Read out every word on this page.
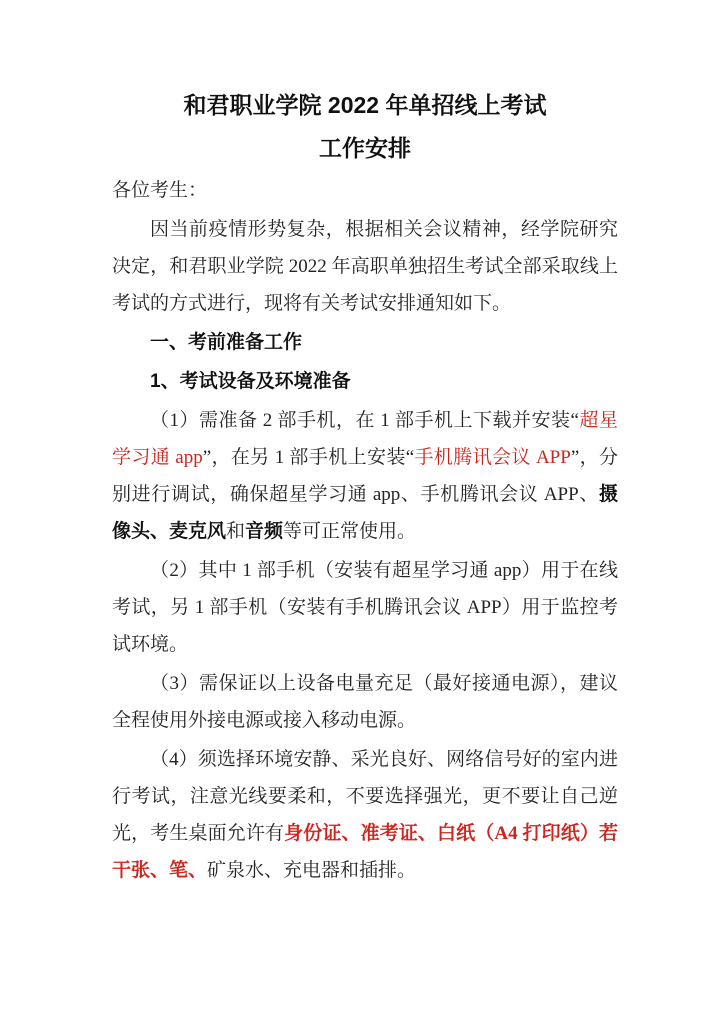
和君职业学院 2022 年单招线上考试
工作安排

各位考生：

因当前疫情形势复杂，根据相关会议精神，经学院研究决定，和君职业学院 2022 年高职单独招生考试全部采取线上考试的方式进行，现将有关考试安排通知如下。

一、考前准备工作

1、考试设备及环境准备

（1）需准备 2 部手机，在 1 部手机上下载并安装“超星学习通 app”，在另 1 部手机上安装“手机腾讯会议 APP”，分别进行调试，确保超星学习通 app、手机腾讯会议 APP、摄像头、麦克风和音频等可正常使用。

（2）其中 1 部手机（安装有超星学习通 app）用于在线考试，另 1 部手机（安装有手机腾讯会议 APP）用于监控考试环境。

（3）需保证以上设备电量充足（最好接通电源），建议全程使用外接电源或接入移动电源。

（4）须选择环境安静、采光良好、网络信号好的室内进行考试，注意光线要柔和，不要选择强光，更不要让自己逆光，考生桌面允许有身份证、准考证、白纸（A4 打印纸）若干张、笔、矿泉水、充电器和插排。
